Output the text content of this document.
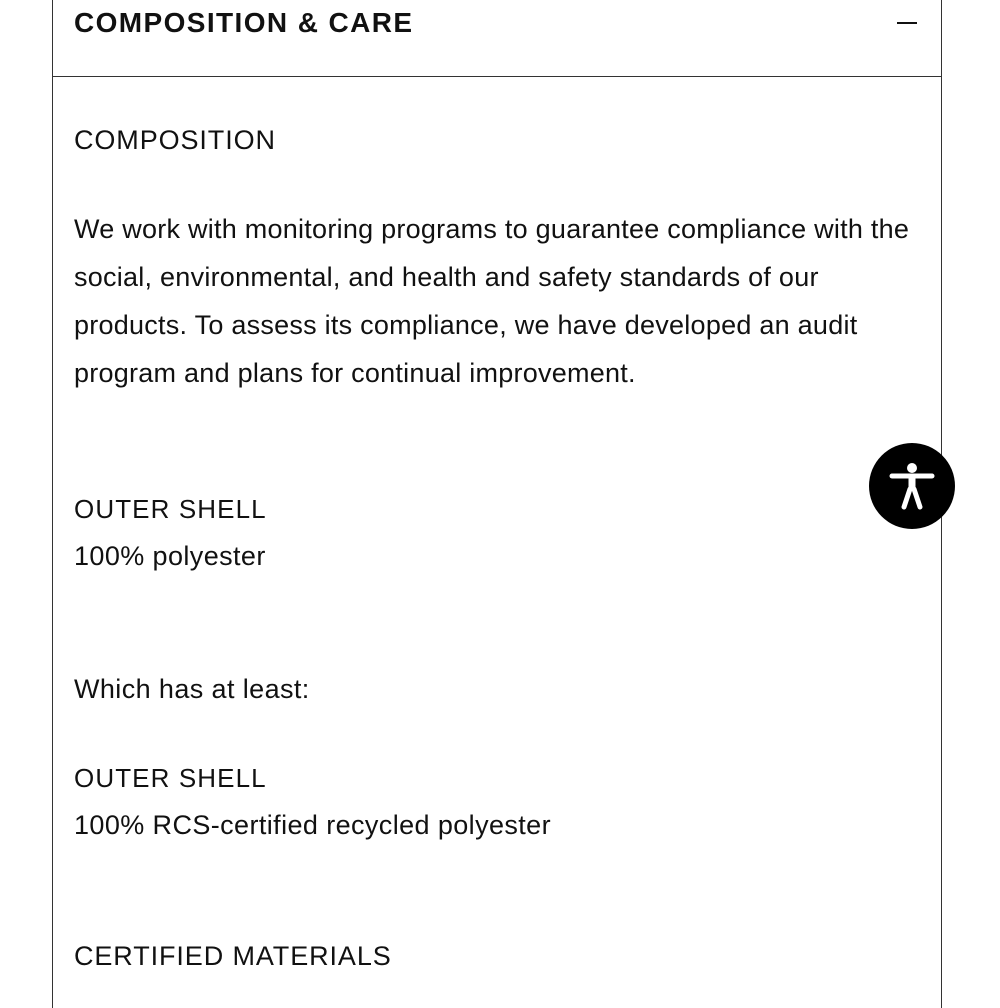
COMPOSITION & CARE
COMPOSITION
We work with monitoring programs to guarantee compliance with the social, environmental, and health and safety standards of our products. To assess its compliance, we have developed an audit program and plans for continual improvement.
OUTER SHELL
100% polyester
Which has at least:
OUTER SHELL
100% RCS-certified recycled polyester
CERTIFIED MATERIALS
